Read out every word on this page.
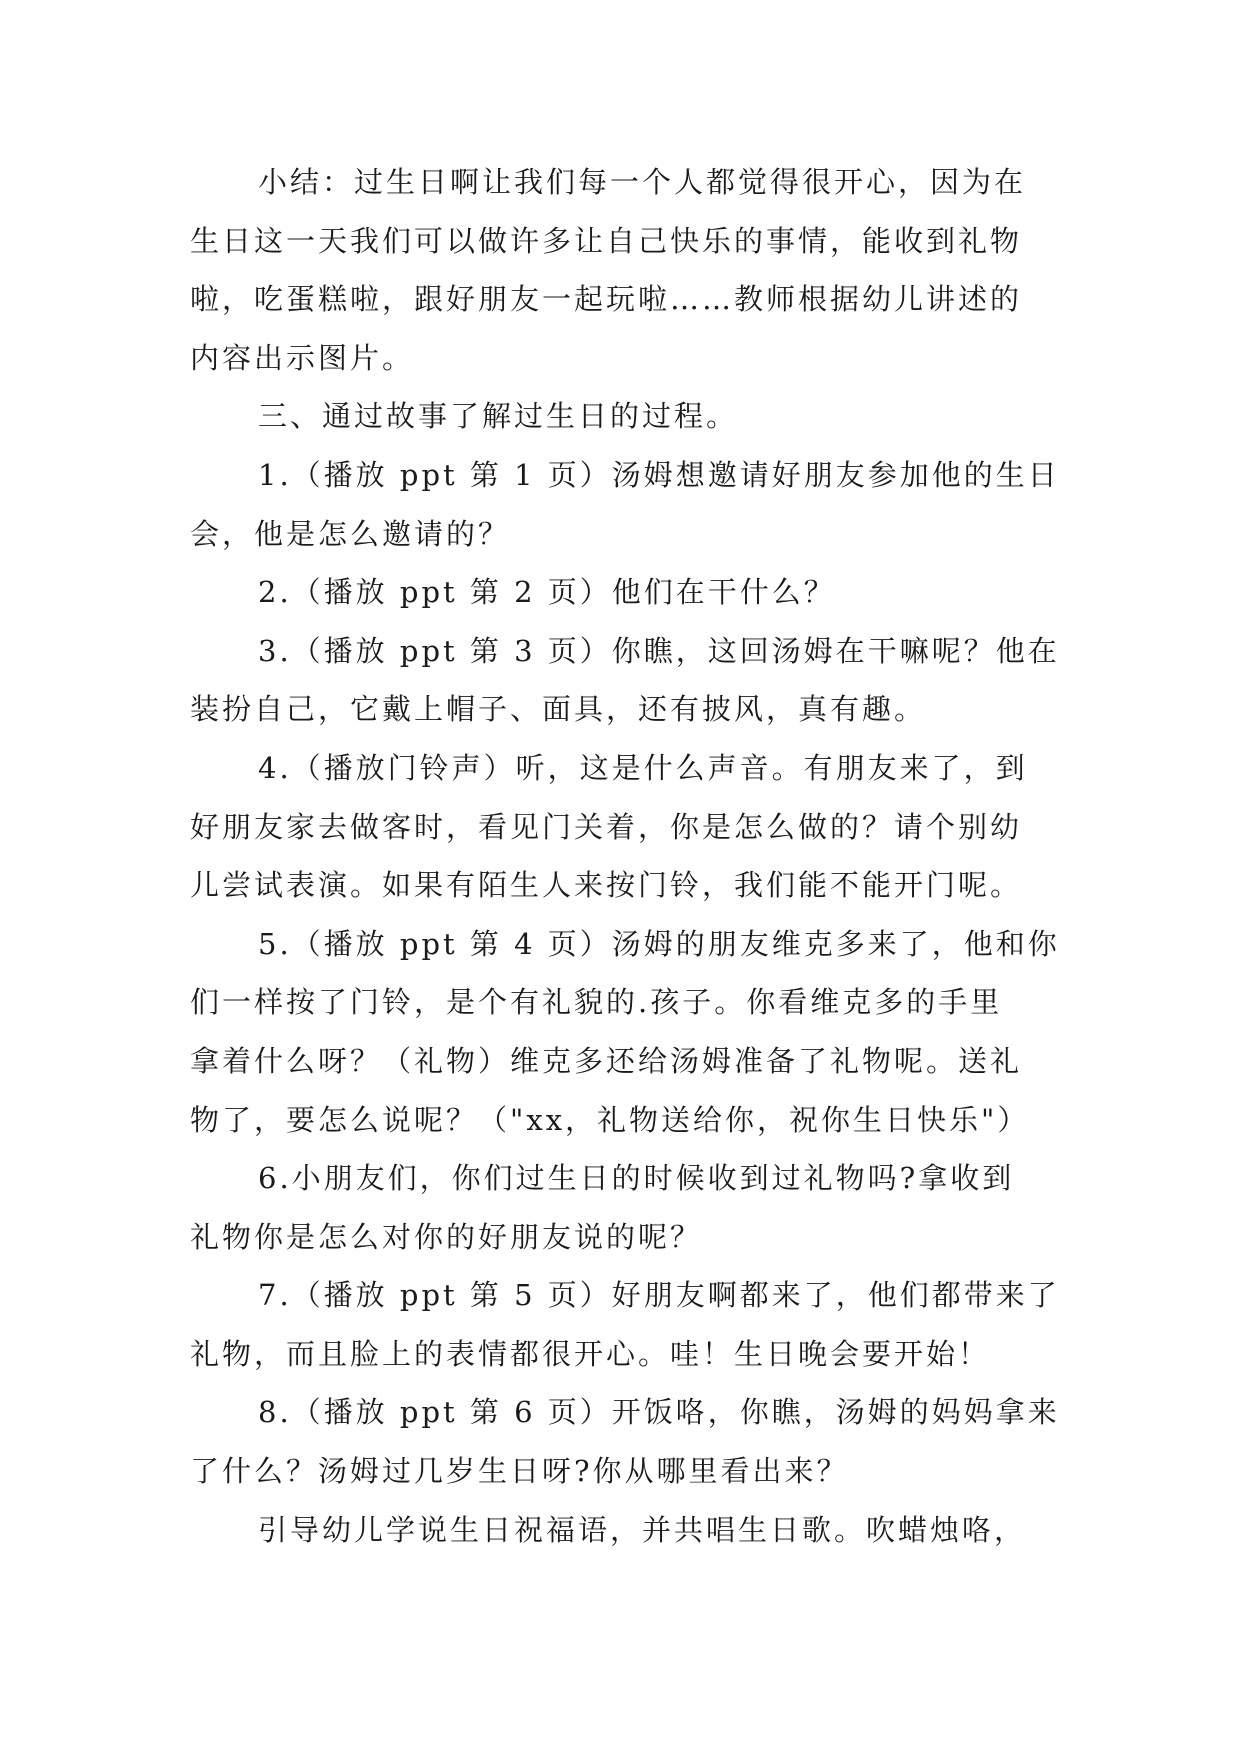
小结：过生日啊让我们每一个人都觉得很开心，因为在
生日这一天我们可以做许多让自己快乐的事情，能收到礼物
啦，吃蛋糕啦，跟好朋友一起玩啦……教师根据幼儿讲述的
内容出示图片。
三、通过故事了解过生日的过程。
1.（播放 ppt 第 1 页）汤姆想邀请好朋友参加他的生日
会，他是怎么邀请的？
2.（播放 ppt 第 2 页）他们在干什么？
3.（播放 ppt 第 3 页）你瞧，这回汤姆在干嘛呢？他在
装扮自己，它戴上帽子、面具，还有披风，真有趣。
4.（播放门铃声）听，这是什么声音。有朋友来了，到
好朋友家去做客时，看见门关着，你是怎么做的？请个别幼
儿尝试表演。如果有陌生人来按门铃，我们能不能开门呢。
5.（播放 ppt 第 4 页）汤姆的朋友维克多来了，他和你
们一样按了门铃，是个有礼貌的.孩子。你看维克多的手里
拿着什么呀？（礼物）维克多还给汤姆准备了礼物呢。送礼
物了，要怎么说呢？（"xx，礼物送给你，祝你生日快乐"）
6.小朋友们，你们过生日的时候收到过礼物吗?拿收到
礼物你是怎么对你的好朋友说的呢？
7.（播放 ppt 第 5 页）好朋友啊都来了，他们都带来了
礼物，而且脸上的表情都很开心。哇！生日晚会要开始！
8.（播放 ppt 第 6 页）开饭咯，你瞧，汤姆的妈妈拿来
了什么？汤姆过几岁生日呀?你从哪里看出来？
引导幼儿学说生日祝福语，并共唱生日歌。吹蜡烛咯，
